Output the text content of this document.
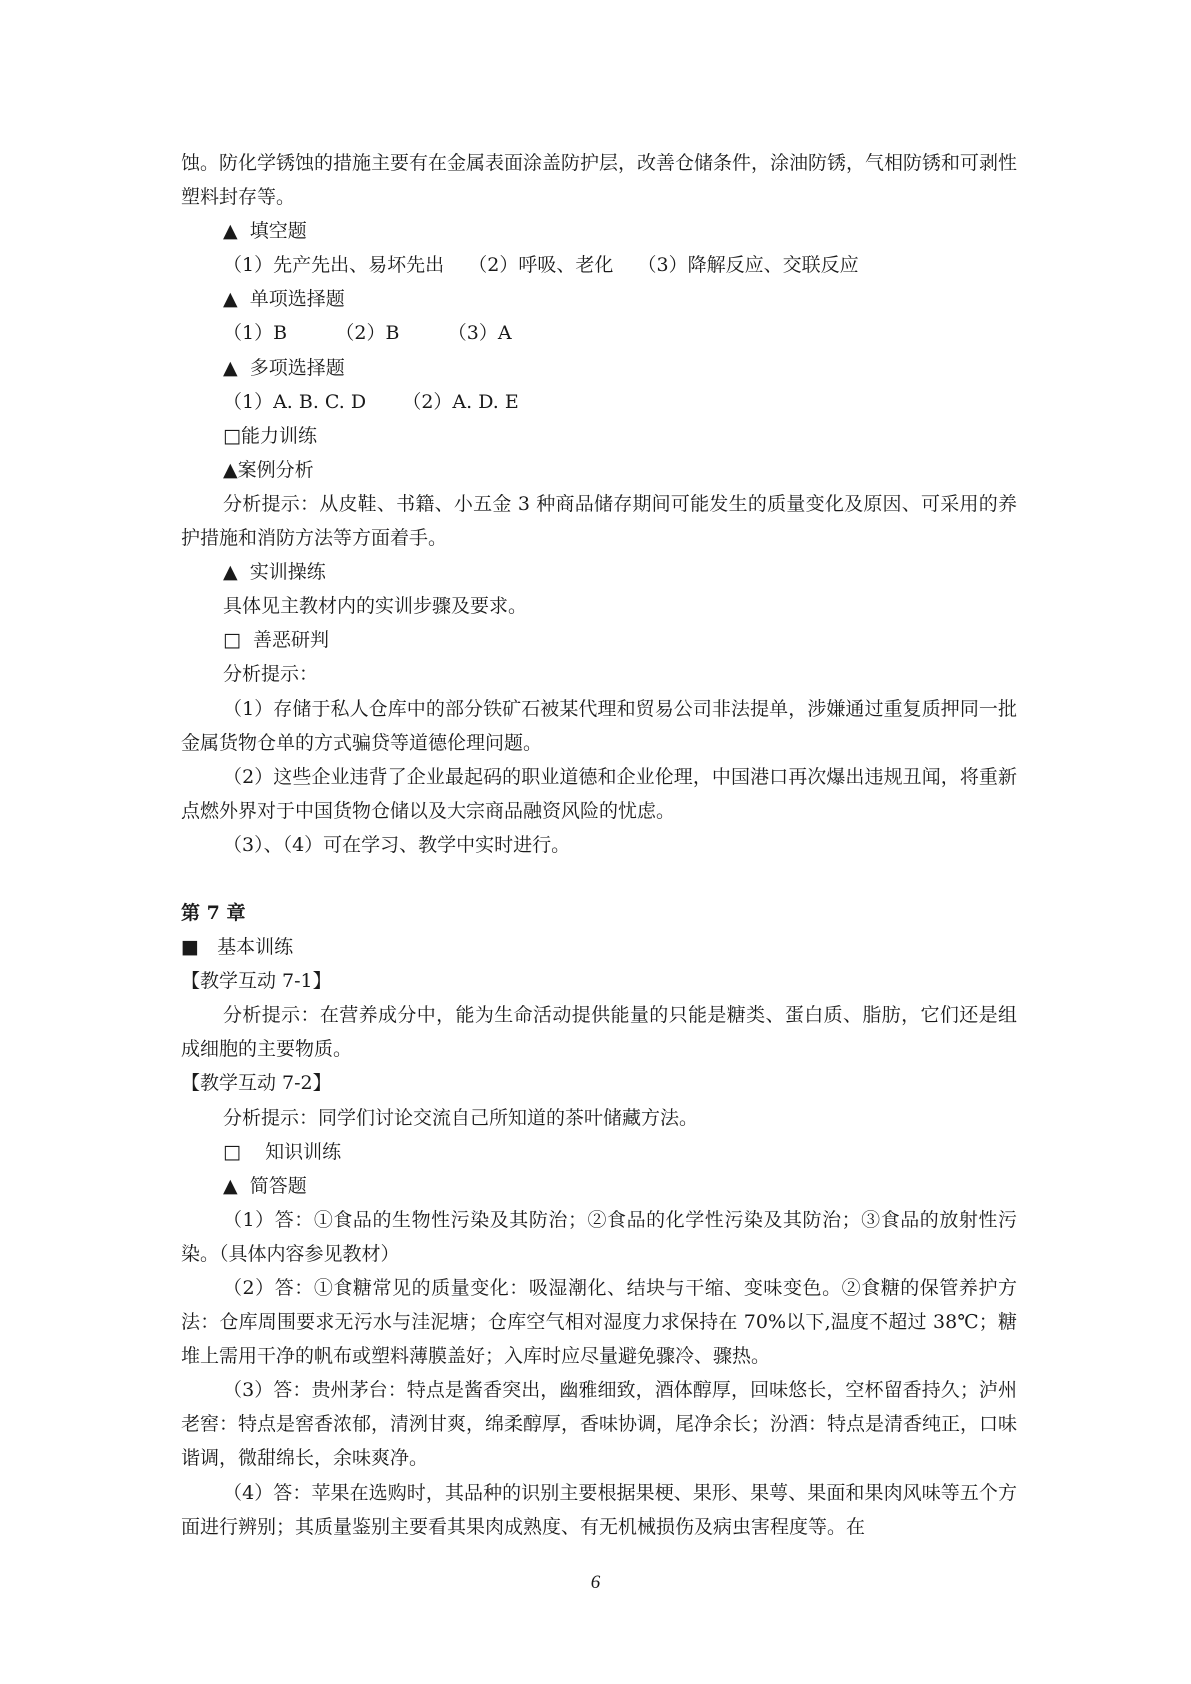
蚀。防化学锈蚀的措施主要有在金属表面涂盖防护层，改善仓储条件，涂油防锈，气相防锈和可剥性塑料封存等。

▲  填空题

（1）先产先出、易坏先出    （2）呼吸、老化    （3）降解反应、交联反应

▲  单项选择题

（1）B        （2）B        （3）A

▲  多项选择题

（1）A. B. C. D      （2）A. D. E

□能力训练

▲案例分析

分析提示：从皮鞋、书籍、小五金 3 种商品储存期间可能发生的质量变化及原因、可采用的养护措施和消防方法等方面着手。

▲  实训操练

具体见主教材内的实训步骤及要求。

□  善恶研判

分析提示：

（1）存储于私人仓库中的部分铁矿石被某代理和贸易公司非法提单，涉嫌通过重复质押同一批金属货物仓单的方式骗贷等道德伦理问题。

（2）这些企业违背了企业最起码的职业道德和企业伦理，中国港口再次爆出违规丑闻，将重新点燃外界对于中国货物仓储以及大宗商品融资风险的忧虑。

（3）、（4）可在学习、教学中实时进行。

第 7 章

■   基本训练

【教学互动 7-1】

分析提示：在营养成分中，能为生命活动提供能量的只能是糖类、蛋白质、脂肪，它们还是组成细胞的主要物质。

【教学互动 7-2】

分析提示：同学们讨论交流自己所知道的茶叶储藏方法。

□    知识训练

▲  简答题

（1）答：①食品的生物性污染及其防治；②食品的化学性污染及其防治；③食品的放射性污染。（具体内容参见教材）

（2）答：①食糖常见的质量变化：吸湿潮化、结块与干缩、变味变色。②食糖的保管养护方法：仓库周围要求无污水与洼泥塘；仓库空气相对湿度力求保持在 70%以下,温度不超过 38℃；糖堆上需用干净的帆布或塑料薄膜盖好；入库时应尽量避免骤冷、骤热。

（3）答：贵州茅台：特点是酱香突出，幽雅细致，酒体醇厚，回味悠长，空杯留香持久；泸州老窖：特点是窖香浓郁，清洌甘爽，绵柔醇厚，香味协调，尾净余长；汾酒：特点是清香纯正，口味谐调，微甜绵长，余味爽净。

（4）答：苹果在选购时，其品种的识别主要根据果梗、果形、果萼、果面和果肉风味等五个方面进行辨别；其质量鉴别主要看其果肉成熟度、有无机械损伤及病虫害程度等。在

6
